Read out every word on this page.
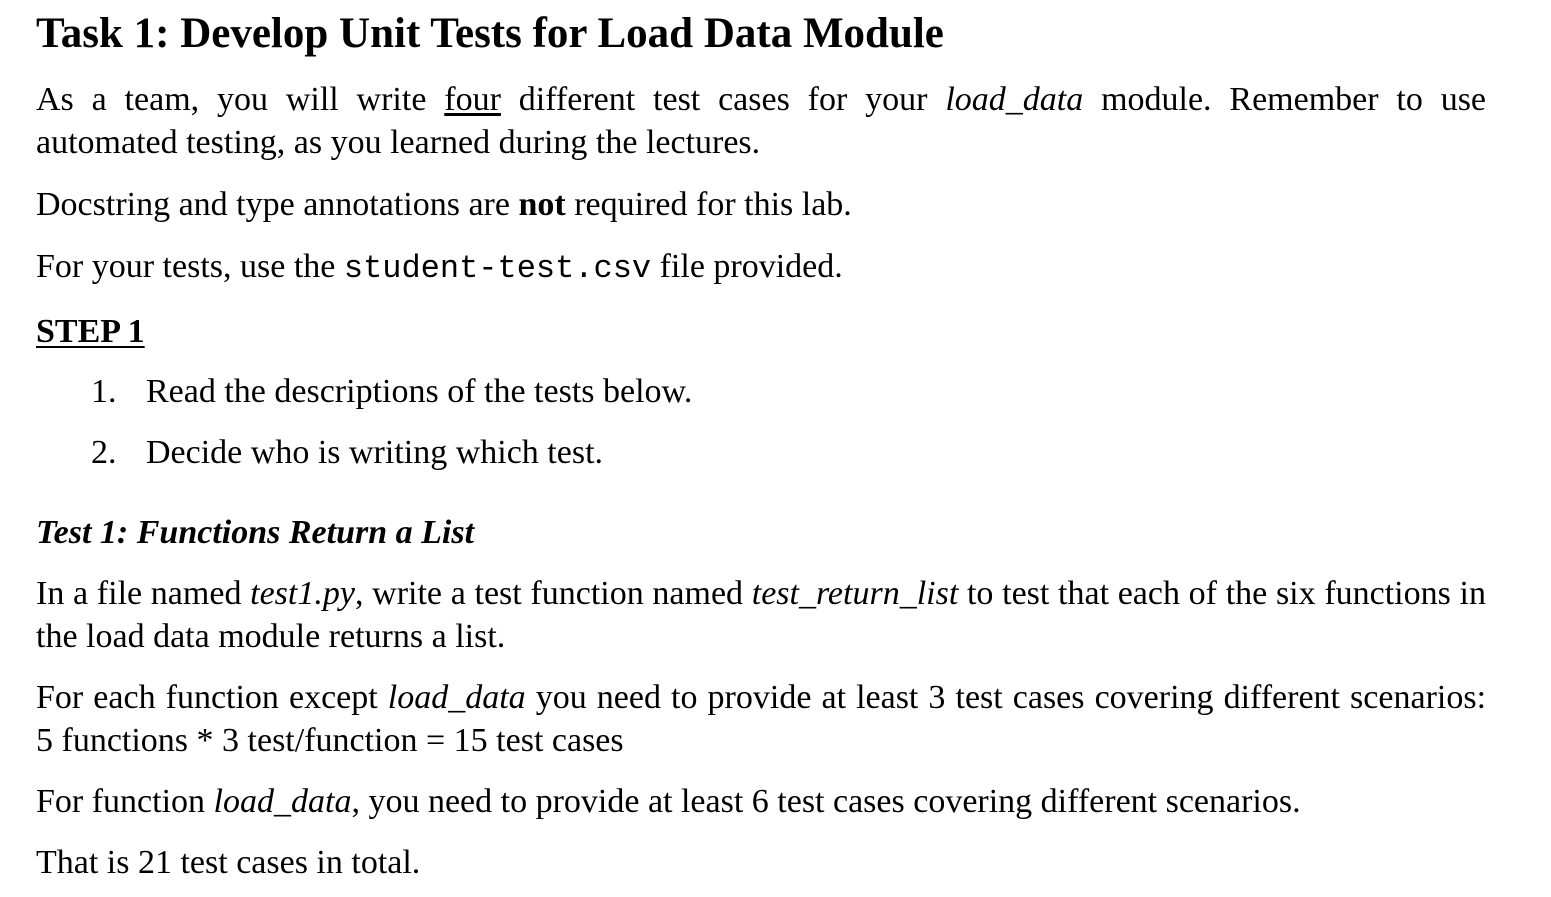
Task 1: Develop Unit Tests for Load Data Module
As a team, you will write four different test cases for your load_data module. Remember to use automated testing, as you learned during the lectures.
Docstring and type annotations are not required for this lab.
For your tests, use the student-test.csv file provided.
STEP 1
1. Read the descriptions of the tests below.
2. Decide who is writing which test.
Test 1: Functions Return a List
In a file named test1.py, write a test function named test_return_list to test that each of the six functions in the load data module returns a list.
For each function except load_data you need to provide at least 3 test cases covering different scenarios: 5 functions * 3 test/function = 15 test cases
For function load_data, you need to provide at least 6 test cases covering different scenarios.
That is 21 test cases in total.
